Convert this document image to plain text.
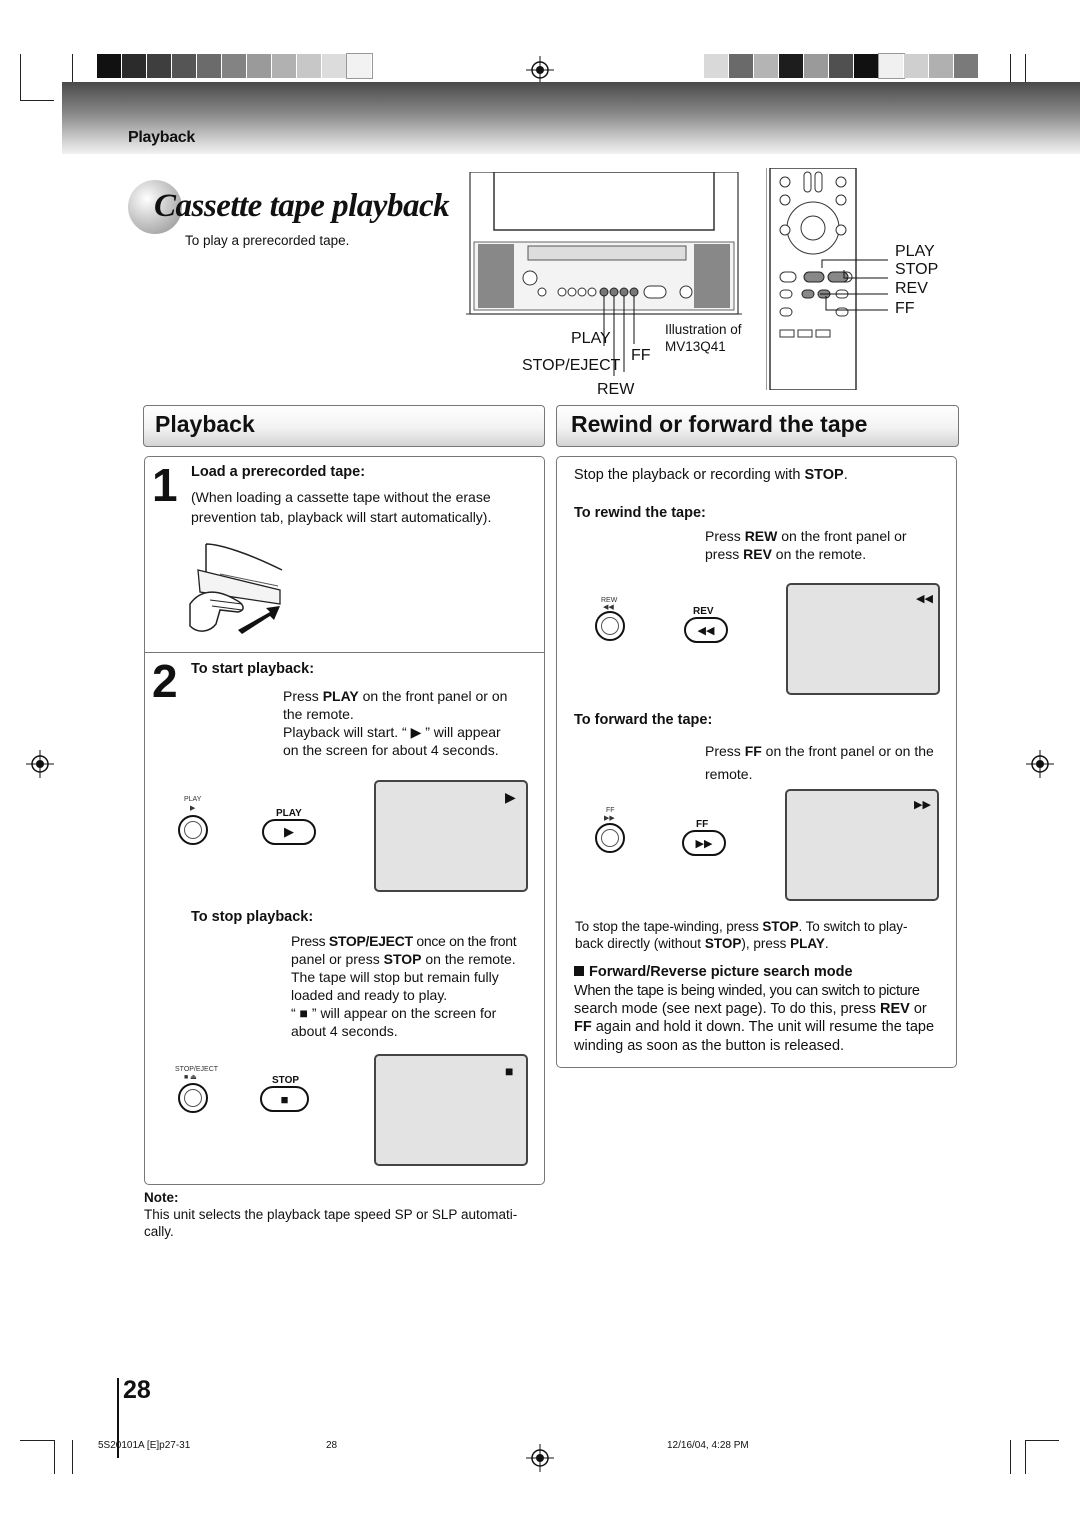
Playback
Cassette tape playback
To play a prerecorded tape.
PLAY
FF
STOP/EJECT
REW
Illustration of
MV13Q41
PLAY
STOP
REV
FF
Playback	Rewind or forward the tape
1 Load a prerecorded tape:
(When loading a cassette tape without the erase
prevention tab, playback will start automatically).
2 To start playback:
Press PLAY on the front panel or on
the remote.
Playback will start. “ ▶ ” will appear
on the screen for about 4 seconds.
PLAY
▶	PLAY
▶
▶
To stop playback:
Press STOP/EJECT once on the front
panel or press STOP on the remote.
The tape will stop but remain fully
loaded and ready to play.
“ ■ ” will appear on the screen for
about 4 seconds.
STOP/EJECT
■ ⏏	STOP
■
■
Note:
This unit selects the playback tape speed SP or SLP automati-
cally.
Stop the playback or recording with STOP.
To rewind the tape:
Press REW on the front panel or
press REV on the remote.
REW
◀◀	REV
◀◀
◀◀
To forward the tape:
Press FF on the front panel or on the
remote.
FF
▶▶
FF
▶▶
▶▶
To stop the tape-winding, press STOP. To switch to play-
back directly (without STOP), press PLAY.
Forward/Reverse picture search mode
When the tape is being winded, you can switch to picture
search mode (see next page). To do this, press REV or
FF again and hold it down. The unit will resume the tape
winding as soon as the button is released.
28
5S20101A [E]p27-31	28	12/16/04, 4:28 PM
